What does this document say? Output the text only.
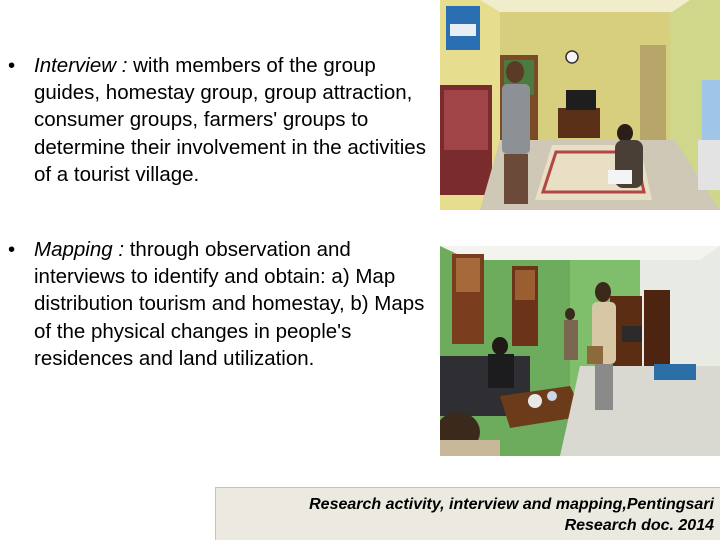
• Interview : with members of the group guides, homestay group, group attraction, consumer groups, farmers' groups to determine their involvement in the activities of a tourist village.
• Mapping : through observation and interviews to identify and obtain: a) Map distribution tourism and homestay, b) Maps of the physical changes in people's residences and land utilization.
Research activity, interview and mapping,Pentingsari
Research doc. 2014
